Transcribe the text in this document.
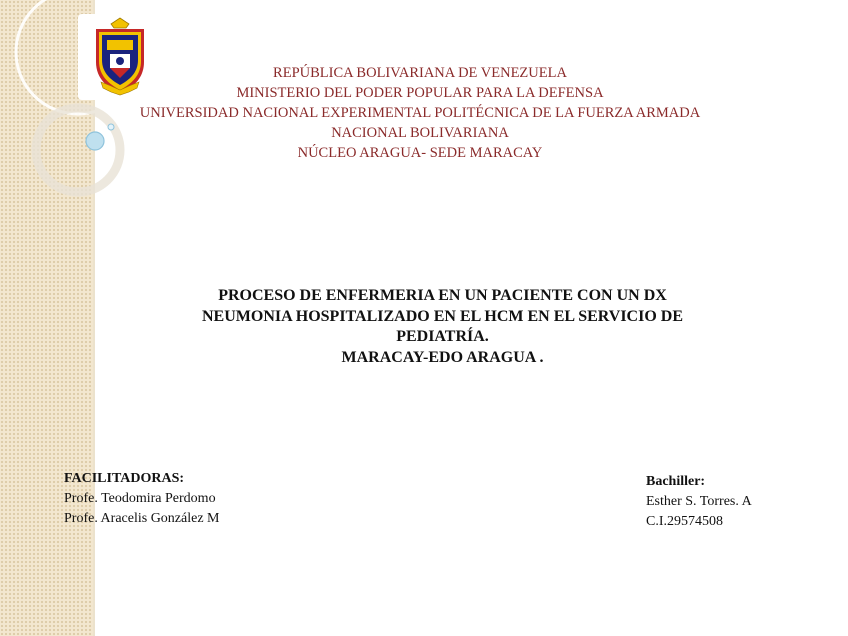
REPÚBLICA BOLIVARIANA DE VENEZUELA
MINISTERIO DEL PODER POPULAR PARA LA DEFENSA
UNIVERSIDAD NACIONAL EXPERIMENTAL POLITÉCNICA DE LA FUERZA ARMADA
NACIONAL BOLIVARIANA
NÚCLEO ARAGUA- SEDE MARACAY
PROCESO DE ENFERMERIA EN UN PACIENTE CON UN DX
NEUMONIA HOSPITALIZADO EN EL HCM EN EL SERVICIO DE
PEDIATRÍA.
MARACAY-EDO ARAGUA .
FACILITADORAS:
Profe. Teodomira Perdomo
Profe. Aracelis González M
Bachiller:
Esther S. Torres. A
C.I.29574508
